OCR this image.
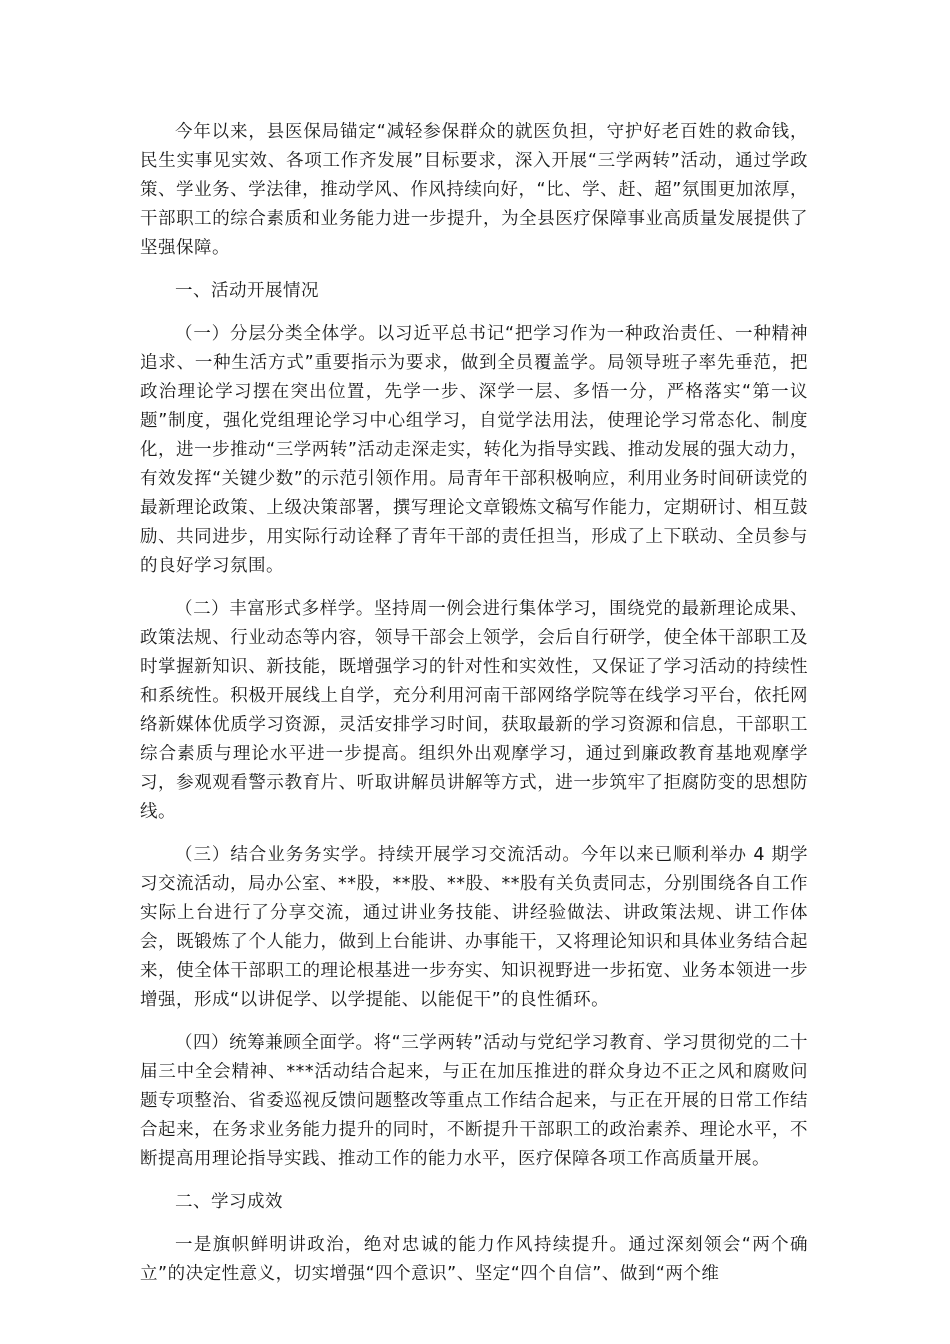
今年以来，县医保局锚定“减轻参保群众的就医负担，守护好老百姓的救命钱，民生实事见实效、各项工作齐发展”目标要求，深入开展“三学两转”活动，通过学政策、学业务、学法律，推动学风、作风持续向好，“比、学、赶、超”氛围更加浓厚，干部职工的综合素质和业务能力进一步提升，为全县医疗保障事业高质量发展提供了坚强保障。

一、活动开展情况

（一）分层分类全体学。以习近平总书记“把学习作为一种政治责任、一种精神追求、一种生活方式”重要指示为要求，做到全员覆盖学。局领导班子率先垂范，把政治理论学习摆在突出位置，先学一步、深学一层、多悟一分，严格落实“第一议题”制度，强化党组理论学习中心组学习，自觉学法用法，使理论学习常态化、制度化，进一步推动“三学两转”活动走深走实，转化为指导实践、推动发展的强大动力，有效发挥“关键少数”的示范引领作用。局青年干部积极响应，利用业务时间研读党的最新理论政策、上级决策部署，撰写理论文章锻炼文稿写作能力，定期研讨、相互鼓励、共同进步，用实际行动诠释了青年干部的责任担当，形成了上下联动、全员参与的良好学习氛围。

（二）丰富形式多样学。坚持周一例会进行集体学习，围绕党的最新理论成果、政策法规、行业动态等内容，领导干部会上领学，会后自行研学，使全体干部职工及时掌握新知识、新技能，既增强学习的针对性和实效性，又保证了学习活动的持续性和系统性。积极开展线上自学，充分利用河南干部网络学院等在线学习平台，依托网络新媒体优质学习资源，灵活安排学习时间，获取最新的学习资源和信息，干部职工综合素质与理论水平进一步提高。组织外出观摩学习，通过到廉政教育基地观摩学习，参观观看警示教育片、听取讲解员讲解等方式，进一步筑牢了拒腐防变的思想防线。

（三）结合业务务实学。持续开展学习交流活动。今年以来已顺利举办 4 期学习交流活动，局办公室、**股，**股、**股、**股有关负责同志，分别围绕各自工作实际上台进行了分享交流，通过讲业务技能、讲经验做法、讲政策法规、讲工作体会，既锻炼了个人能力，做到上台能讲、办事能干，又将理论知识和具体业务结合起来，使全体干部职工的理论根基进一步夯实、知识视野进一步拓宽、业务本领进一步增强，形成“以讲促学、以学提能、以能促干”的良性循环。

（四）统筹兼顾全面学。将“三学两转”活动与党纪学习教育、学习贯彻党的二十届三中全会精神、***活动结合起来，与正在加压推进的群众身边不正之风和腐败问题专项整治、省委巡视反馈问题整改等重点工作结合起来，与正在开展的日常工作结合起来，在务求业务能力提升的同时，不断提升干部职工的政治素养、理论水平，不断提高用理论指导实践、推动工作的能力水平，医疗保障各项工作高质量开展。

二、学习成效

一是旗帜鲜明讲政治，绝对忠诚的能力作风持续提升。通过深刻领会“两个确立”的决定性意义，切实增强“四个意识”、坚定“四个自信”、做到“两个维
